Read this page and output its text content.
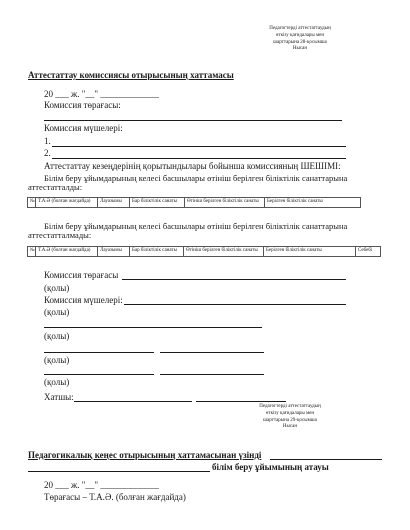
Педагогтерді аттестаттаудың
өткізу қағидалары мен
шарттарына 28-қосымша
Нысан
Аттестаттау комиссиясы отырысының хаттамасы
20 ___ ж. "__" _____________
Комиссия төрағасы:
Комиссия мүшелері:
1.
2.
Аттестаттау кезеңдерінің қорытындылары бойынша комиссияның ШЕШІМІ:
Білім беру ұйымдарының келесі басшылары өтініш берілген біліктілік санаттарына
аттестатталды:
№	Т.А.Ә (болған жағдайда)	Лауазымы	Бар біліктілік санаты	Өтініш берілген біліктілік санаты	Берілген біліктілік санаты
Білім беру ұйымдарының келесі басшылары өтініш берілген біліктілік санаттарына
аттестатталмады:
№	Т.А.Ә (болған жағдайда)	Лауазымы	Бар біліктілік санаты	Өтініш берілген біліктілік санаты	Берілген біліктілік санаты	Себебі
Комиссия төрағасы
(қолы)
Комиссия мүшелері:
(қолы)
(қолы)
(қолы)
(қолы)
Хатшы:
Педагогтерді аттестаттаудың
өткізу қағидалары мен
шарттарына 29-қосымша
Нысан
Педагогикалық кеңес отырысының хаттамасынан үзінді
білім беру ұйымының атауы
20 ___ ж. "__" _____________
Төрағасы – Т.А.Ә. (болған жағдайда)
